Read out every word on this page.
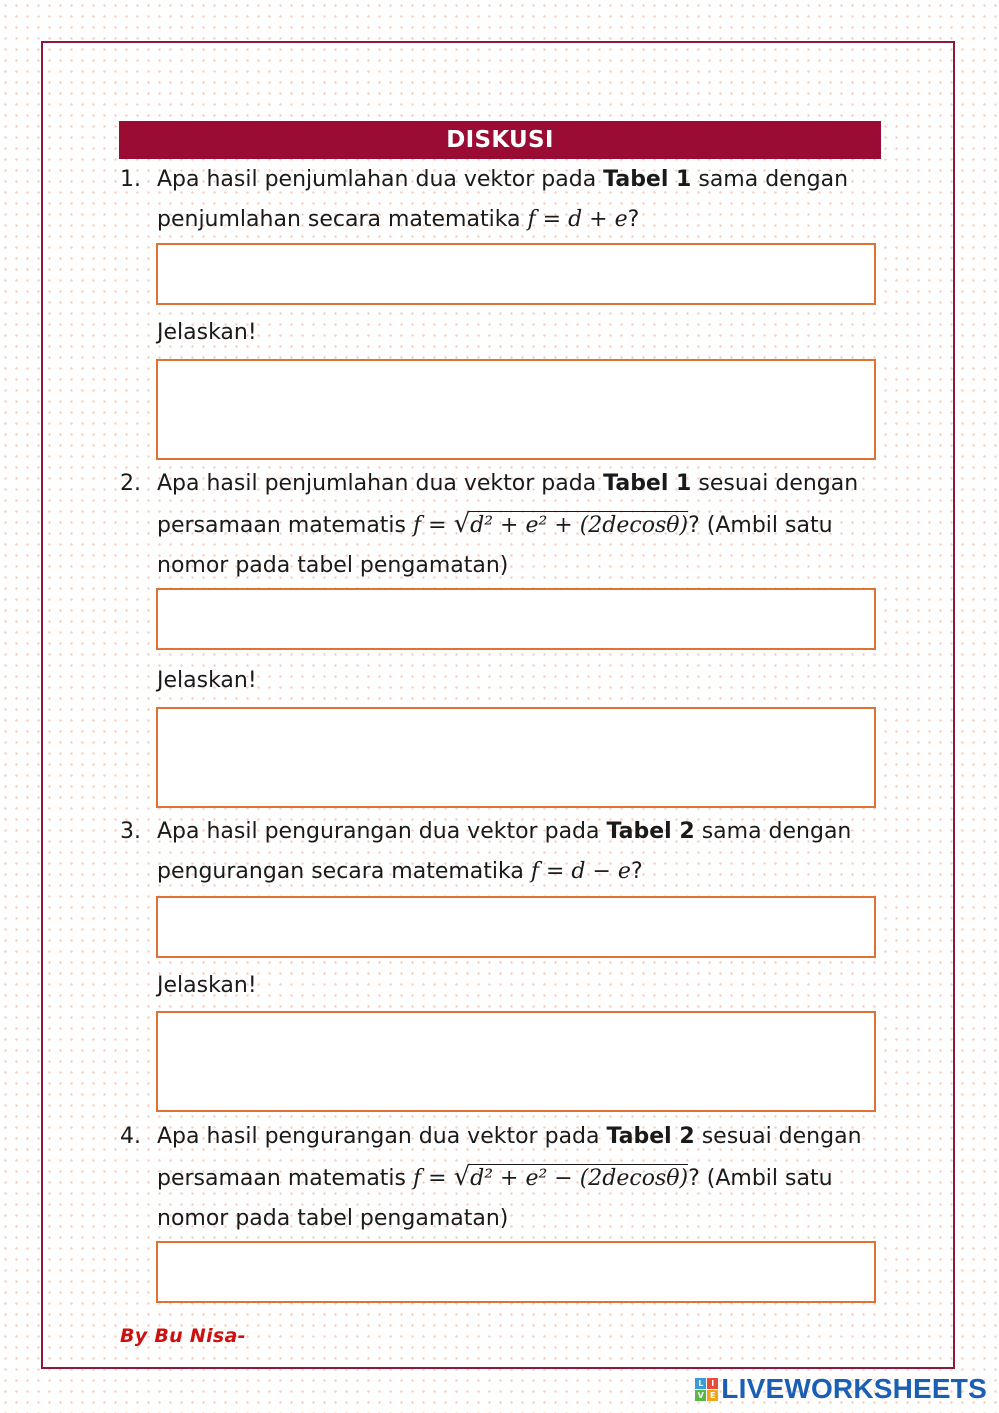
DISKUSI
1. Apa hasil penjumlahan dua vektor pada Tabel 1 sama dengan
penjumlahan secara matematika f = d + e?
Jelaskan!
2. Apa hasil penjumlahan dua vektor pada Tabel 1 sesuai dengan
persamaan matematis f = √d² + e² + (2decosθ)? (Ambil satu
nomor pada tabel pengamatan)
Jelaskan!
3. Apa hasil pengurangan dua vektor pada Tabel 2 sama dengan
pengurangan secara matematika f = d − e?
Jelaskan!
4. Apa hasil pengurangan dua vektor pada Tabel 2 sesuai dengan
persamaan matematis f = √d² + e² − (2decosθ)? (Ambil satu
nomor pada tabel pengamatan)
By Bu Nisa-
L I
V E LIVEWORKSHEETS
